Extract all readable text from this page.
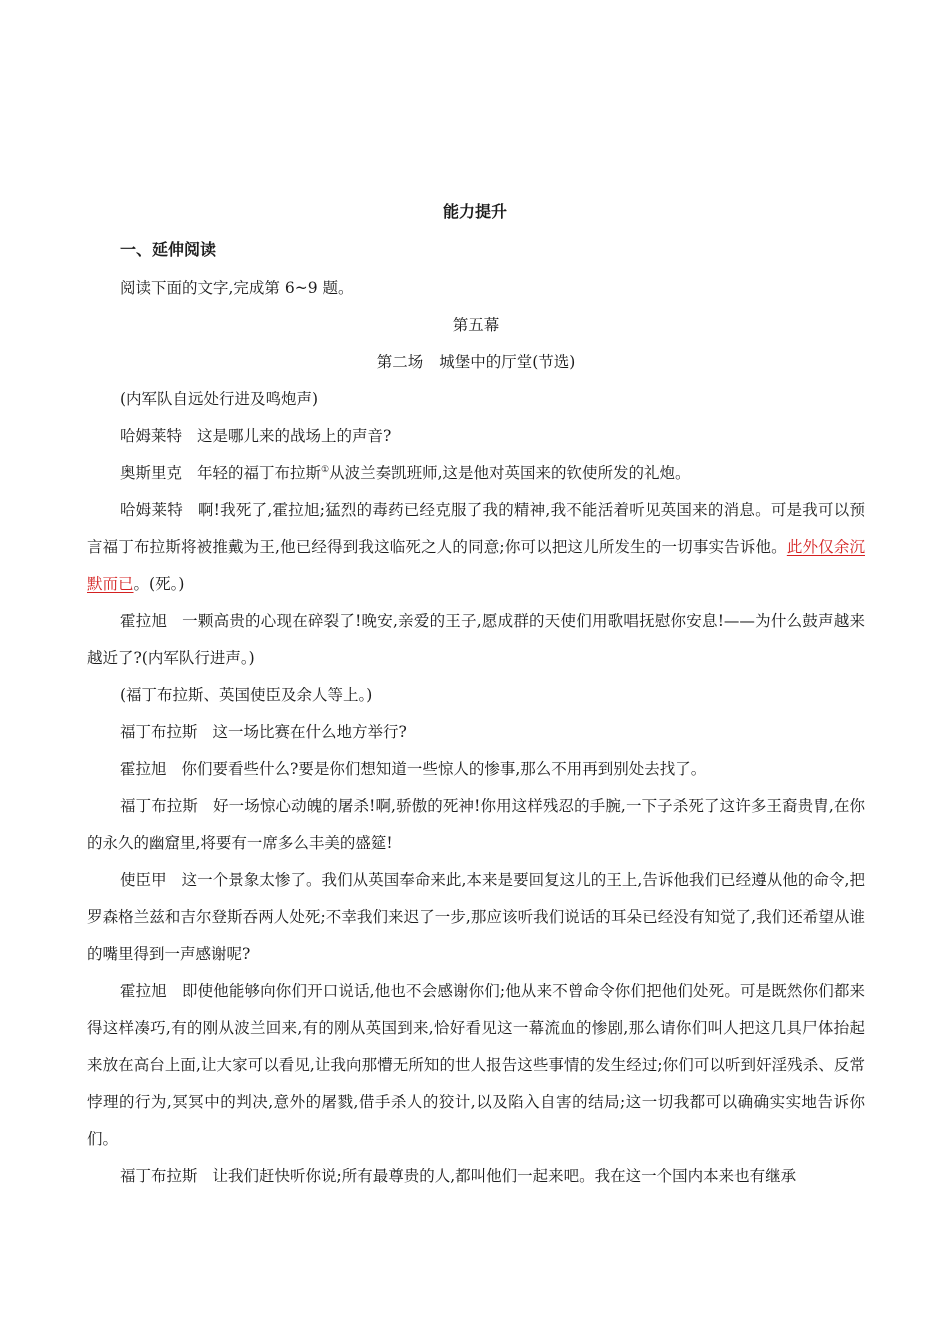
能力提升
一、延伸阅读

阅读下面的文字,完成第 6~9 题。

第五幕

第二场 城堡中的厅堂(节选)

(内军队自远处行进及鸣炮声)

哈姆莱特 这是哪儿来的战场上的声音?

奥斯里克 年轻的福丁布拉斯①从波兰奏凯班师,这是他对英国来的钦使所发的礼炮。

哈姆莱特 啊!我死了,霍拉旭;猛烈的毒药已经克服了我的精神,我不能活着听见英国来的消息。可是我可以预言福丁布拉斯将被推戴为王,他已经得到我这临死之人的同意;你可以把这儿所发生的一切事实告诉他。此外仅余沉默而已。(死。)

霍拉旭 一颗高贵的心现在碎裂了!晚安,亲爱的王子,愿成群的天使们用歌唱抚慰你安息!——为什么鼓声越来越近了?(内军队行进声。)

(福丁布拉斯、英国使臣及余人等上。)

福丁布拉斯 这一场比赛在什么地方举行?

霍拉旭 你们要看些什么?要是你们想知道一些惊人的惨事,那么不用再到别处去找了。

福丁布拉斯 好一场惊心动魄的屠杀!啊,骄傲的死神!你用这样残忍的手腕,一下子杀死了这许多王裔贵胄,在你的永久的幽窟里,将要有一席多么丰美的盛筵!

使臣甲 这一个景象太惨了。我们从英国奉命来此,本来是要回复这儿的王上,告诉他我们已经遵从他的命令,把罗森格兰兹和吉尔登斯吞两人处死;不幸我们来迟了一步,那应该听我们说话的耳朵已经没有知觉了,我们还希望从谁的嘴里得到一声感谢呢?

霍拉旭 即使他能够向你们开口说话,他也不会感谢你们;他从来不曾命令你们把他们处死。可是既然你们都来得这样凑巧,有的刚从波兰回来,有的刚从英国到来,恰好看见这一幕流血的惨剧,那么请你们叫人把这几具尸体抬起来放在高台上面,让大家可以看见,让我向那懵无所知的世人报告这些事情的发生经过;你们可以听到奸淫残杀、反常悖理的行为,冥冥中的判决,意外的屠戮,借手杀人的狡计,以及陷入自害的结局;这一切我都可以确确实实地告诉你们。

福丁布拉斯 让我们赶快听你说;所有最尊贵的人,都叫他们一起来吧。我在这一个国内本来也有继承
